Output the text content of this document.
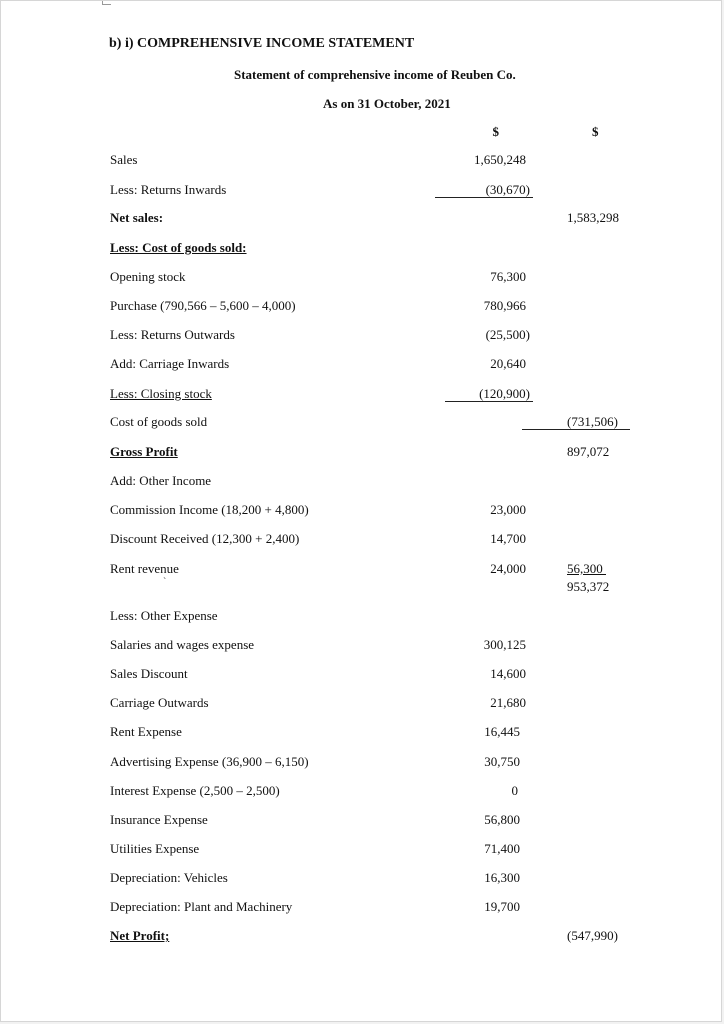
b) i) COMPREHENSIVE INCOME STATEMENT
Statement of comprehensive income of Reuben Co.
As on 31 October, 2021
$	$
Sales	1,650,248
Less: Returns Inwards	(30,670)
Net sales:	1,583,298
Less: Cost of goods sold:
Opening stock	76,300
Purchase (790,566 – 5,600 – 4,000)	780,966
Less: Returns Outwards	(25,500)
Add: Carriage Inwards	20,640
Less: Closing stock	(120,900)
Cost of goods sold	(731,506)
Gross Profit	897,072
Add: Other Income
Commission Income (18,200 + 4,800)	23,000
Discount Received (12,300 + 2,400)	14,700
Rent revenue	24,000	56,300
ˋ	953,372
Less: Other Expense
Salaries and wages expense	300,125
Sales Discount	14,600
Carriage Outwards	21,680
Rent Expense	16,445
Advertising Expense (36,900 – 6,150)	30,750
Interest Expense (2,500 – 2,500)	0
Insurance Expense	56,800
Utilities Expense	71,400
Depreciation: Vehicles	16,300
Depreciation: Plant and Machinery	19,700
Net Profit;	(547,990)
